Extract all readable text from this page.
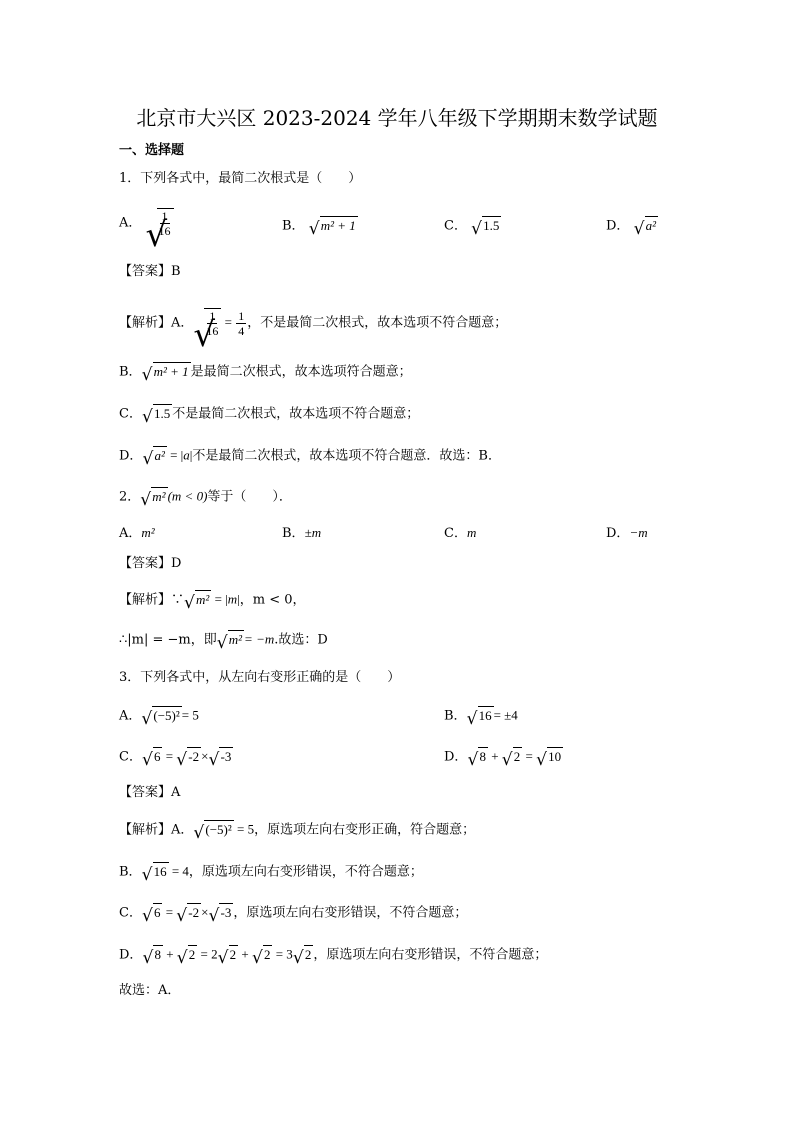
北京市大兴区 2023-2024 学年八年级下学期期末数学试题
一、选择题
1．下列各式中，最简二次根式是（　　）
A． √ $\frac{1}{16}$	B． √ m² + 1	C． √ 1.5	D． √ a²
【答案】B
【解析】A． √ $\frac{1}{16} = \frac{1}{4}$ ，不是最简二次根式，故本选项不符合题意；
B． √ m² + 1 是最简二次根式，故本选项符合题意；
C． √ 1.5 不是最简二次根式，故本选项不符合题意；
D． √ a² = |a|不是最简二次根式，故本选项不符合题意．故选：B．
2． √ m² (m < 0)等于（　　）．
A．m²	B．±m	C．m	D．−m
【答案】D
【解析】∵ √ m² = |m|，m < 0，
∴|m| = −m，即 √ m² = −m.故选：D
3．下列各式中，从左向右变形正确的是（　　）
A． √ (−5)² = 5	B． √ 16 = ±4
C． √ 6 = √ -2 × √ -3	D． √ 8 + √ 2 = √ 10
【答案】A
【解析】A． √ (−5)² = 5，原选项左向右变形正确，符合题意；
B． √ 16 = 4，原选项左向右变形错误，不符合题意；
C． √ 6 = √ -2 × √ -3 ，原选项左向右变形错误，不符合题意；
D． √ 8 + √ 2 = 2 √ 2 + √ 2 = 3 √ 2 ，原选项左向右变形错误，不符合题意；
故选：A．
